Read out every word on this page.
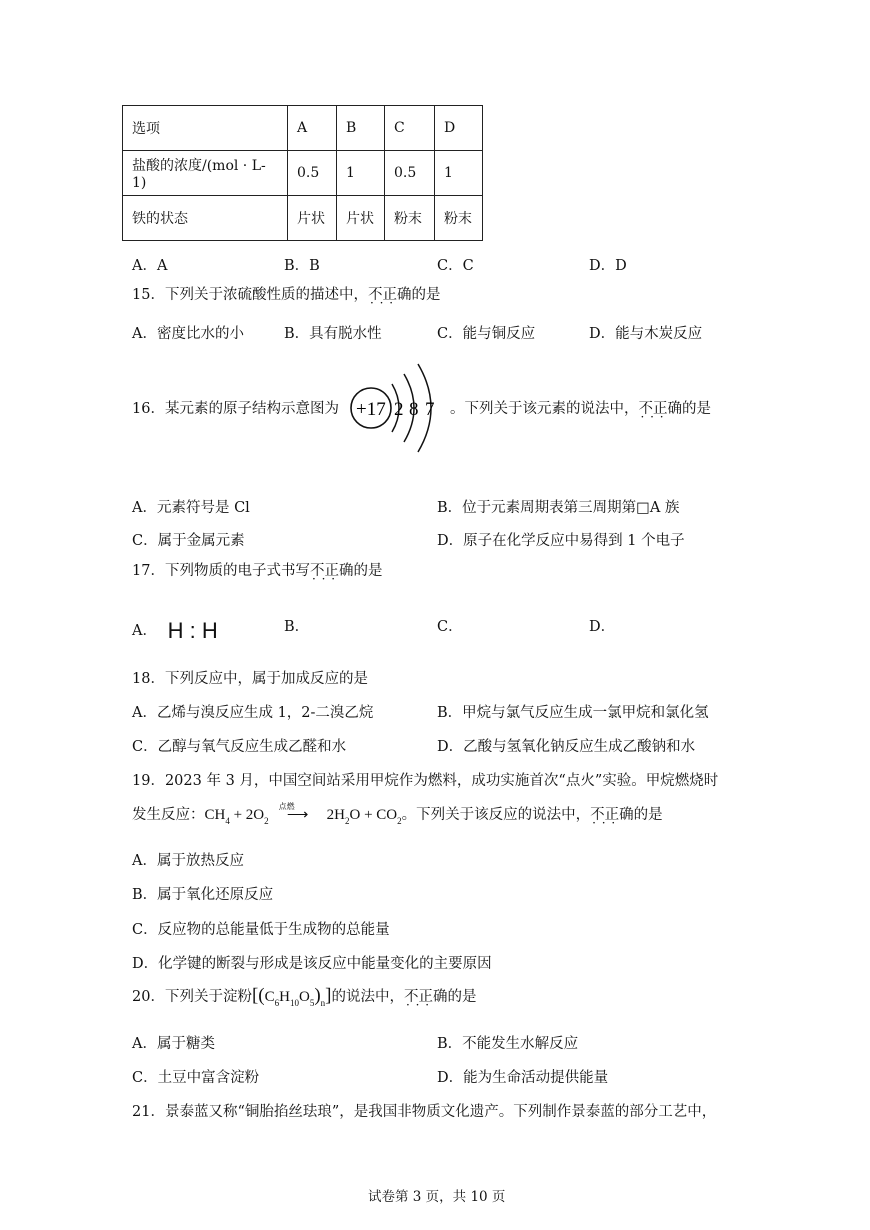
选项	A	B	C	D
盐酸的浓度/(mol · L-1)	0.5	1	0.5	1
铁的状态	片状	片状	粉末	粉末
A．A	B．B	C．C	D．D
15．下列关于浓硫酸性质的描述中，不正确 · · ·的是
A．密度比水的小	B．具有脱水性	C．能与铜反应	D．能与木炭反应
16．某元素的原子结构示意图为 +17 2 8 7 。下列关于该元素的说法中，不正确 · · ·的是
A．元素符号是 Cl	B．位于元素周期表第三周期第□A 族
C．属于金属元素	D．原子在化学反应中易得到 1 个电子
17．下列物质的电子式书写不正确 · · ·的是
A． H : H	B．	C．	D．
18．下列反应中，属于加成反应的是
A．乙烯与溴反应生成 1，2-二溴乙烷	B．甲烷与氯气反应生成一氯甲烷和氯化氢
C．乙醇与氧气反应生成乙醛和水	D．乙酸与氢氧化钠反应生成乙酸钠和水
19．2023 年 3 月，中国空间站采用甲烷作为燃料，成功实施首次“点火”实验。甲烷燃烧时
发生反应：$CH_4 + 2O_2$
点燃
⟶ $2H_2O + CO_2$。下列关于该反应的说法中，不正确 · · ·的是
A．属于放热反应
B．属于氧化还原反应
C．反应物的总能量低于生成物的总能量
D．化学键的断裂与形成是该反应中能量变化的主要原因
20．下列关于淀粉$[(C_6H_{10}O_5)_n]$的说法中，不正确 · · ·的是
A．属于糖类	B．不能发生水解反应
C．土豆中富含淀粉	D．能为生命活动提供能量
21．景泰蓝又称“铜胎掐丝珐琅”，是我国非物质文化遗产。下列制作景泰蓝的部分工艺中，
试卷第 3 页，共 10 页
